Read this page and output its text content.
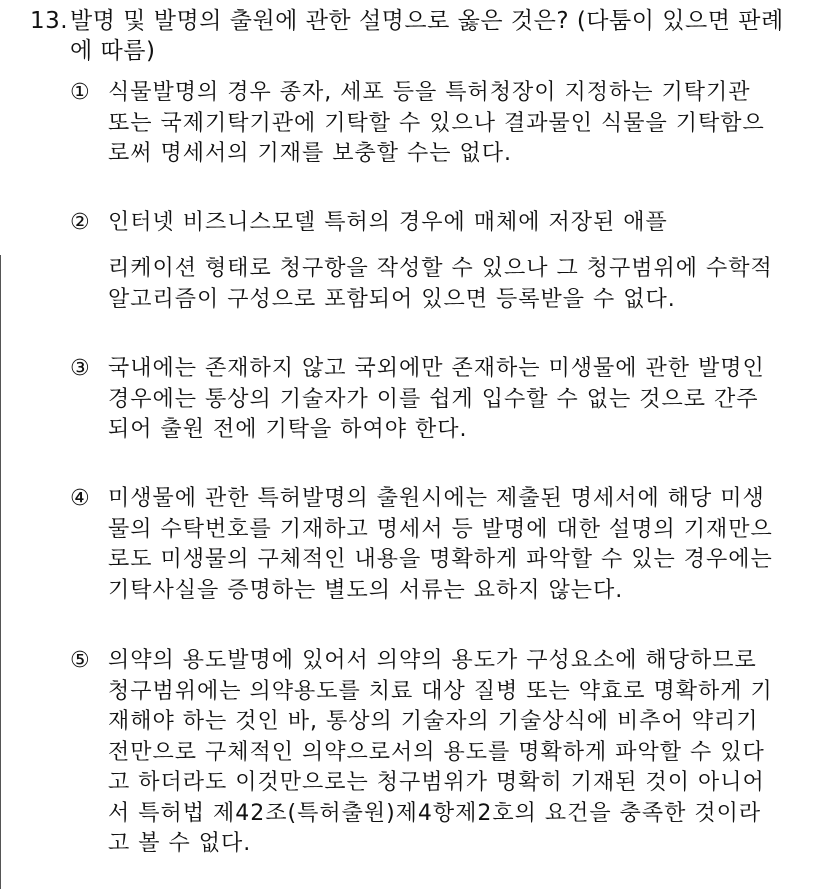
13. 발명 및 발명의 출원에 관한 설명으로 옳은 것은? (다툼이 있으면 판례에 따름)
① 식물발명의 경우 종자, 세포 등을 특허청장이 지정하는 기탁기관 또는 국제기탁기관에 기탁할 수 있으나 결과물인 식물을 기탁함으로써 명세서의 기재를 보충할 수는 없다.
② 인터넷 비즈니스모델 특허의 경우에 매체에 저장된 애플
리케이션 형태로 청구항을 작성할 수 있으나 그 청구범위에 수학적 알고리즘이 구성으로 포함되어 있으면 등록받을 수 없다.
③ 국내에는 존재하지 않고 국외에만 존재하는 미생물에 관한 발명인 경우에는 통상의 기술자가 이를 쉽게 입수할 수 없는 것으로 간주되어 출원 전에 기탁을 하여야 한다.
④ 미생물에 관한 특허발명의 출원시에는 제출된 명세서에 해당 미생물의 수탁번호를 기재하고 명세서 등 발명에 대한 설명의 기재만으로도 미생물의 구체적인 내용을 명확하게 파악할 수 있는 경우에는 기탁사실을 증명하는 별도의 서류는 요하지 않는다.
⑤ 의약의 용도발명에 있어서 의약의 용도가 구성요소에 해당하므로 청구범위에는 의약용도를 치료 대상 질병 또는 약효로 명확하게 기재해야 하는 것인 바, 통상의 기술자의 기술상식에 비추어 약리기전만으로 구체적인 의약으로서의 용도를 명확하게 파악할 수 있다고 하더라도 이것만으로는 청구범위가 명확히 기재된 것이 아니어서 특허법 제42조(특허출원)제4항제2호의 요건을 충족한 것이라고 볼 수 없다.
